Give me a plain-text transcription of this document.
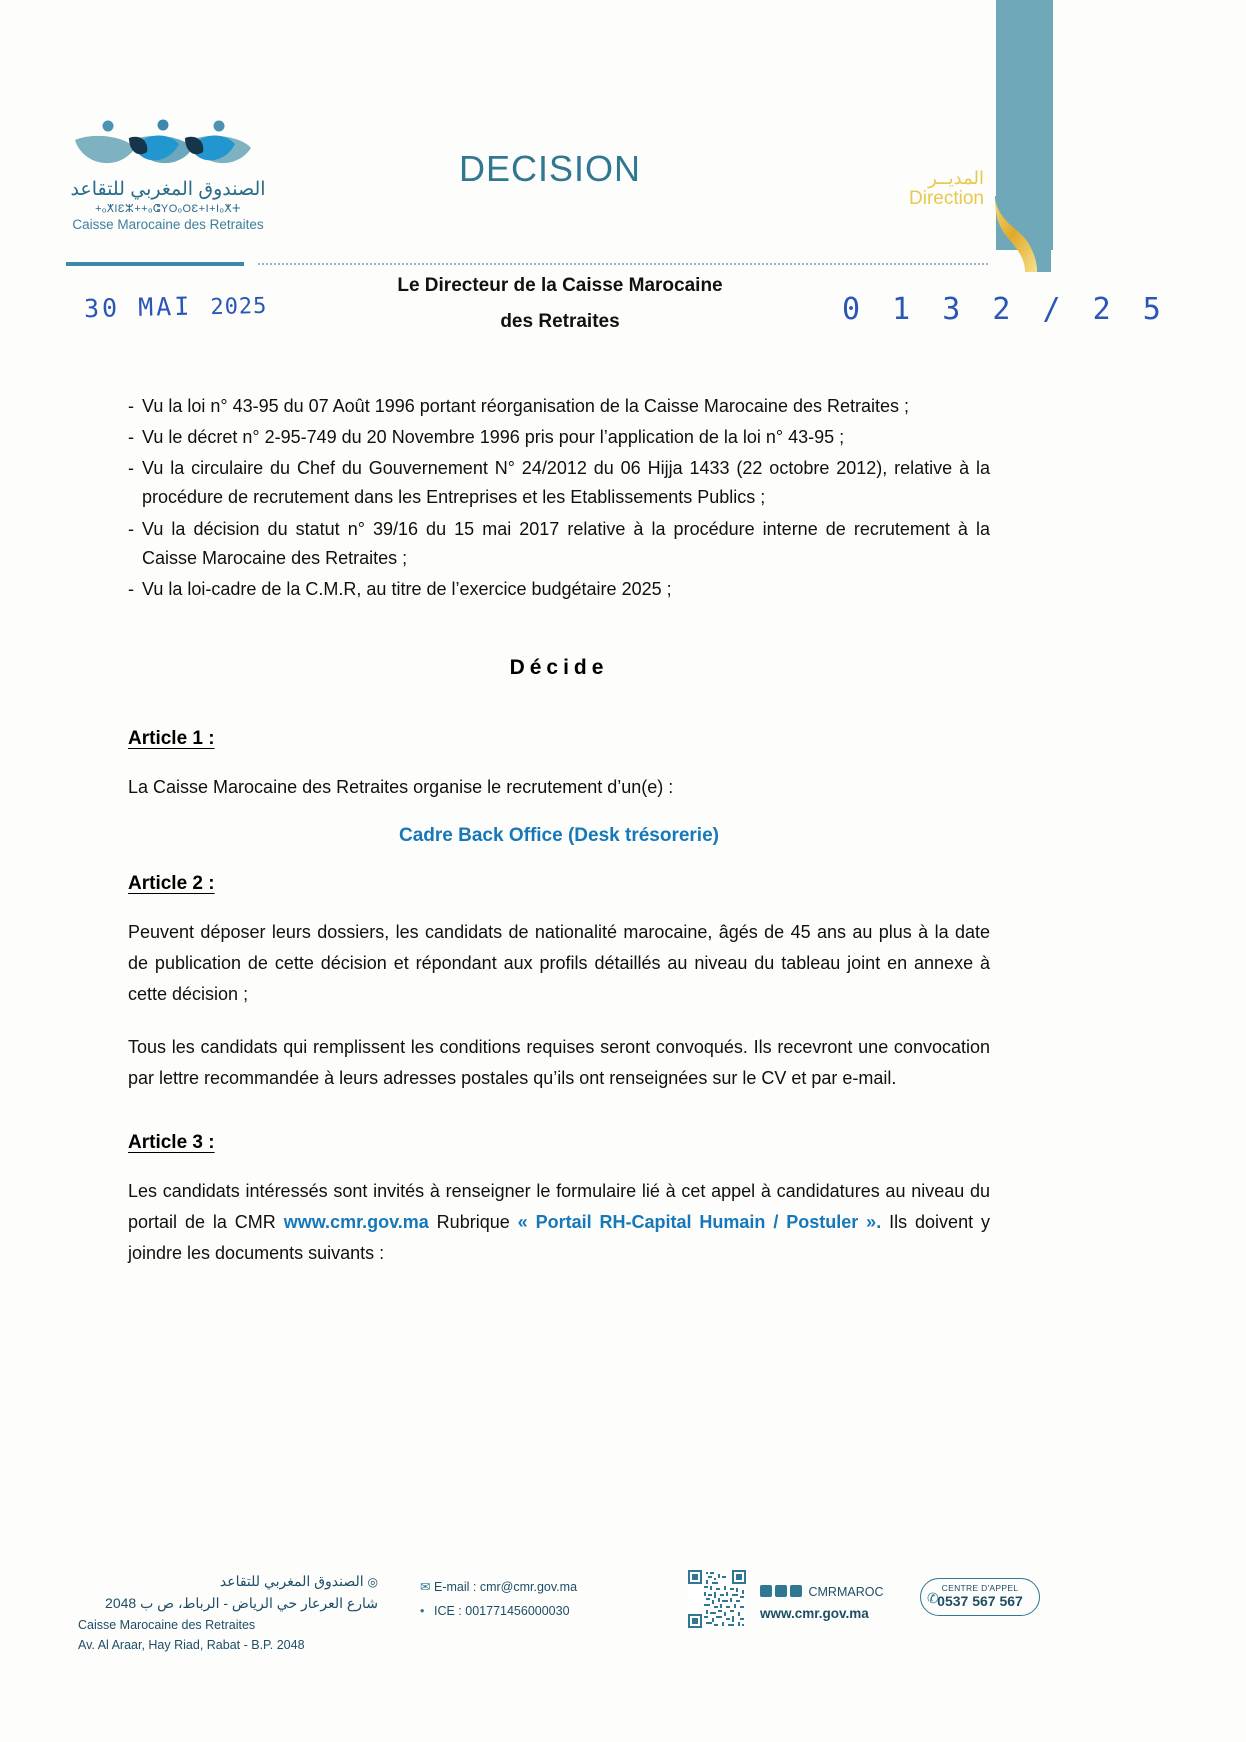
المديــر
Direction
الصندوق المغربي للتقاعد
+ₒⵅIƐⵣ++ₒⵛYOₒOƐ+I+Iₒⵅⵜ
Caisse Marocaine des Retraites
DECISION
Le Directeur de la Caisse Marocaine
des Retraites
30 MAI 2025	0 1 3 2 / 2 5
- Vu la loi n° 43-95 du 07 Août 1996 portant réorganisation de la Caisse Marocaine des Retraites ;
- Vu le décret n° 2-95-749 du 20 Novembre 1996 pris pour l’application de la loi n° 43-95 ;
- Vu la circulaire du Chef du Gouvernement N° 24/2012 du 06 Hijja 1433 (22 octobre 2012), relative à la procédure de recrutement dans les Entreprises et les Etablissements Publics ;
- Vu la décision du statut n° 39/16 du 15 mai 2017 relative à la procédure interne de recrutement à la Caisse Marocaine des Retraites ;
- Vu la loi-cadre de la C.M.R, au titre de l’exercice budgétaire 2025 ;
Décide
Article 1 :
La Caisse Marocaine des Retraites organise le recrutement d’un(e) :
Cadre Back Office (Desk trésorerie)
Article 2 :
Peuvent déposer leurs dossiers, les candidats de nationalité marocaine, âgés de 45 ans au plus à la date de publication de cette décision et répondant aux profils détaillés au niveau du tableau joint en annexe à cette décision ;
Tous les candidats qui remplissent les conditions requises seront convoqués. Ils recevront une convocation par lettre recommandée à leurs adresses postales qu’ils ont renseignées sur le CV et par e-mail.
Article 3 :
Les candidats intéressés sont invités à renseigner le formulaire lié à cet appel à candidatures au niveau du portail de la CMR www.cmr.gov.ma Rubrique « Portail RH-Capital Humain / Postuler ». Ils doivent y joindre les documents suivants :
◎ الصندوق المغربي للتقاعد
شارع العرعار حي الرياض - الرباط، ص ب 2048
Caisse Marocaine des Retraites
Av. Al Araar, Hay Riad, Rabat - B.P. 2048
✉ E-mail : cmr@cmr.gov.ma
• ICE : 001771456000030
CMRMAROC
www.cmr.gov.ma
✆
CENTRE D'APPEL
0537 567 567
